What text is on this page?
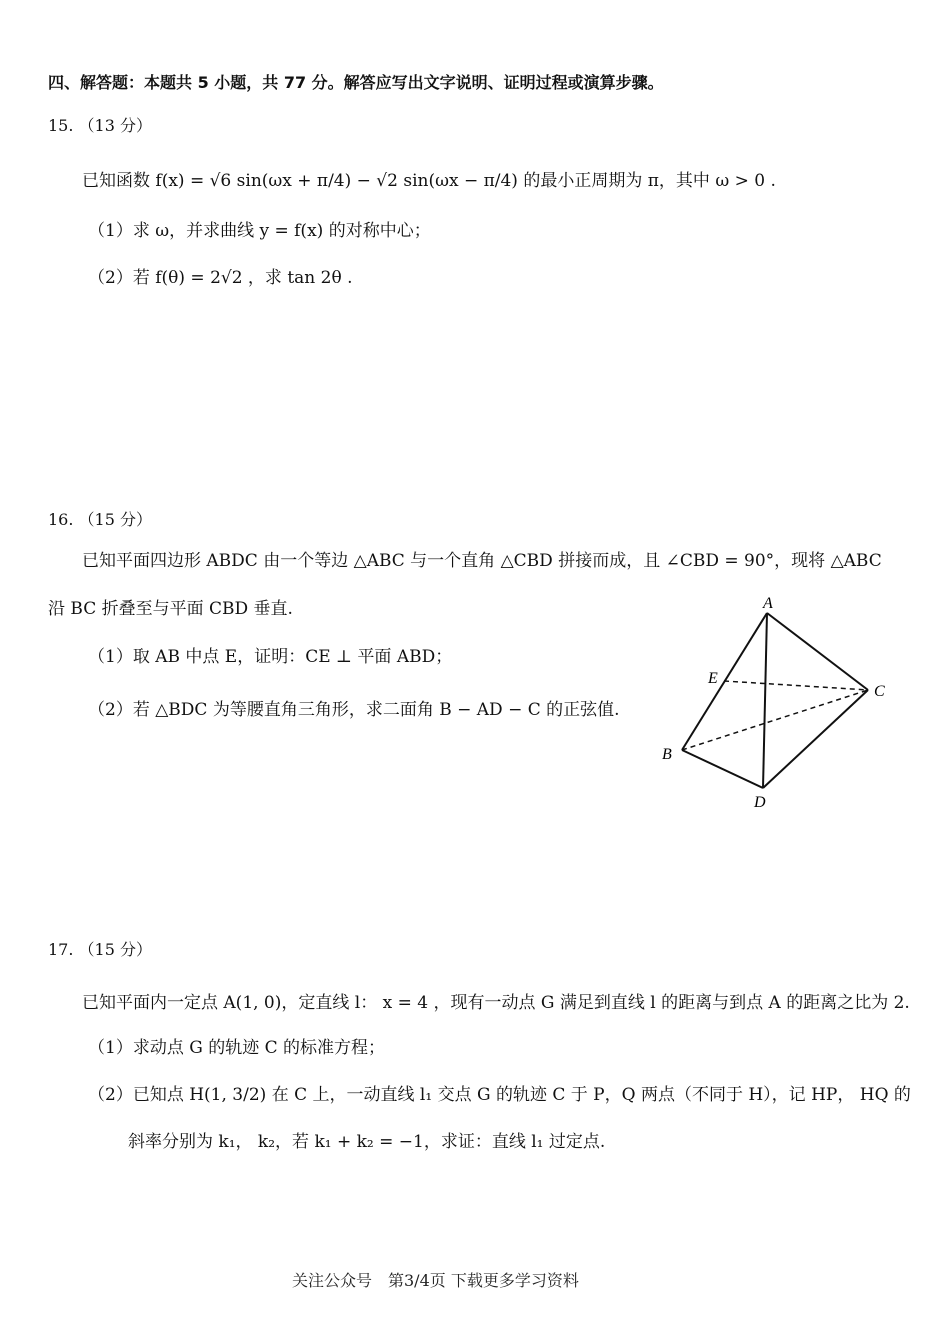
四、解答题：本题共 5 小题，共 77 分。解答应写出文字说明、证明过程或演算步骤。
15. （13 分）
已知函数 f(x) = √6 sin(ωx + π/4) − √2 sin(ωx − π/4) 的最小正周期为 π，其中 ω > 0 .
（1）求 ω，并求曲线 y = f(x) 的对称中心；
（2）若 f(θ) = 2√2 ，求 tan 2θ .
16. （15 分）
已知平面四边形 ABDC 由一个等边 △ABC 与一个直角 △CBD 拼接而成，且 ∠CBD = 90°，现将 △ABC
沿 BC 折叠至与平面 CBD 垂直.
（1）取 AB 中点 E，证明：CE ⊥ 平面 ABD；
（2）若 △BDC 为等腰直角三角形，求二面角 B − AD − C 的正弦值.
A
B
C
D
E
17. （15 分）
已知平面内一定点 A(1, 0)，定直线 l： x = 4 ，现有一动点 G 满足到直线 l 的距离与到点 A 的距离之比为 2.
（1）求动点 G 的轨迹 C 的标准方程；
（2）已知点 H(1, 3/2) 在 C 上，一动直线 l₁ 交点 G 的轨迹 C 于 P，Q 两点（不同于 H），记 HP， HQ 的
斜率分别为 k₁， k₂，若 k₁ + k₂ = −1，求证：直线 l₁ 过定点.
关注公众号　第3/4页 下载更多学习资料
